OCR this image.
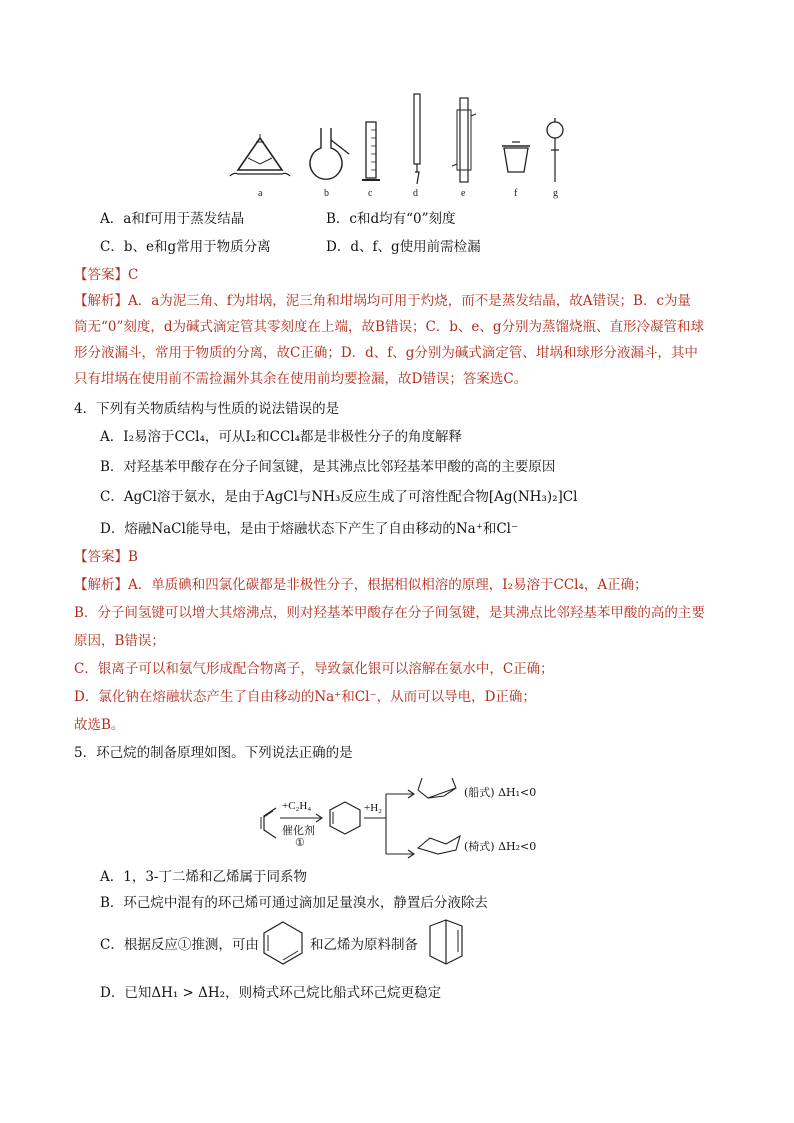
a	b	c	d	e	f	g
A．a和f可用于蒸发结晶	B．c和d均有“0”刻度
C．b、e和g常用于物质分离	D．d、f、g使用前需检漏
【答案】C
【解析】A．a为泥三角、f为坩埚，泥三角和坩埚均可用于灼烧，而不是蒸发结晶，故A错误；B．c为量
筒无“0”刻度，d为碱式滴定管其零刻度在上端，故B错误；C．b、e、g分别为蒸馏烧瓶、直形冷凝管和球
形分液漏斗，常用于物质的分离，故C正确；D．d、f、g分别为碱式滴定管、坩埚和球形分液漏斗，其中
只有坩埚在使用前不需捡漏外其余在使用前均要捡漏，故D错误；答案选C。
4．下列有关物质结构与性质的说法错误的是
A．I₂易溶于CCl₄，可从I₂和CCl₄都是非极性分子的角度解释
B．对羟基苯甲酸存在分子间氢键，是其沸点比邻羟基苯甲酸的高的主要原因
C．AgCl溶于氨水，是由于AgCl与NH₃反应生成了可溶性配合物[Ag(NH₃)₂]Cl
D．熔融NaCl能导电，是由于熔融状态下产生了自由移动的Na⁺和Cl⁻
【答案】B
【解析】A．单质碘和四氯化碳都是非极性分子，根据相似相溶的原理，I₂易溶于CCl₄，A正确；
B．分子间氢键可以增大其熔沸点，则对羟基苯甲酸存在分子间氢键，是其沸点比邻羟基苯甲酸的高的主要
原因，B错误；
C．银离子可以和氨气形成配合物离子，导致氯化银可以溶解在氨水中，C正确；
D．氯化钠在熔融状态产生了自由移动的Na⁺和Cl⁻，从而可以导电，D正确；
故选B。
5．环己烷的制备原理如图。下列说法正确的是
+C₂H₄
催化剂
①
+H₂
(船式) ΔH₁<0
(椅式) ΔH₂<0
A．1，3-丁二烯和乙烯属于同系物
B．环己烷中混有的环己烯可通过滴加足量溴水，静置后分液除去
C．根据反应①推测，可由	和乙烯为原料制备
D．已知ΔH₁ > ΔH₂，则椅式环己烷比船式环己烷更稳定
